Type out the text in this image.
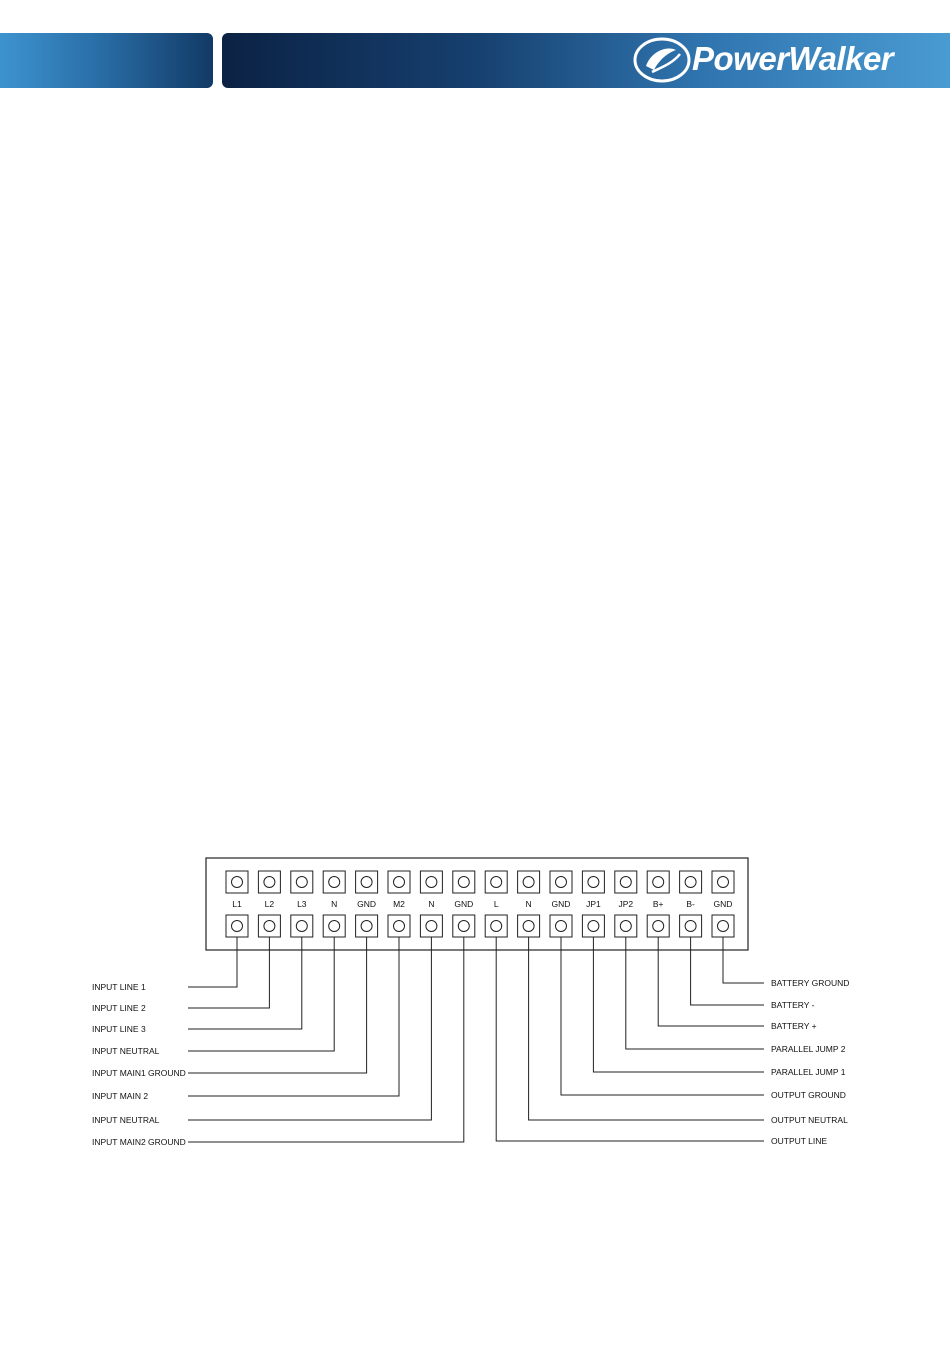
PowerWalker
L1	L2	L3	N GND M2	N GND L	N GND JP1 JP2 B+	B- GND
INPUT LINE 1
INPUT LINE 2
INPUT LINE 3
INPUT NEUTRAL
INPUT MAIN1 GROUND
INPUT MAIN 2
INPUT NEUTRAL
INPUT MAIN2 GROUND	OUTPUT LINE
OUTPUT NEUTRAL
OUTPUT GROUND
PARALLEL JUMP 1
PARALLEL JUMP 2
BATTERY +
BATTERY -
BATTERY GROUND
